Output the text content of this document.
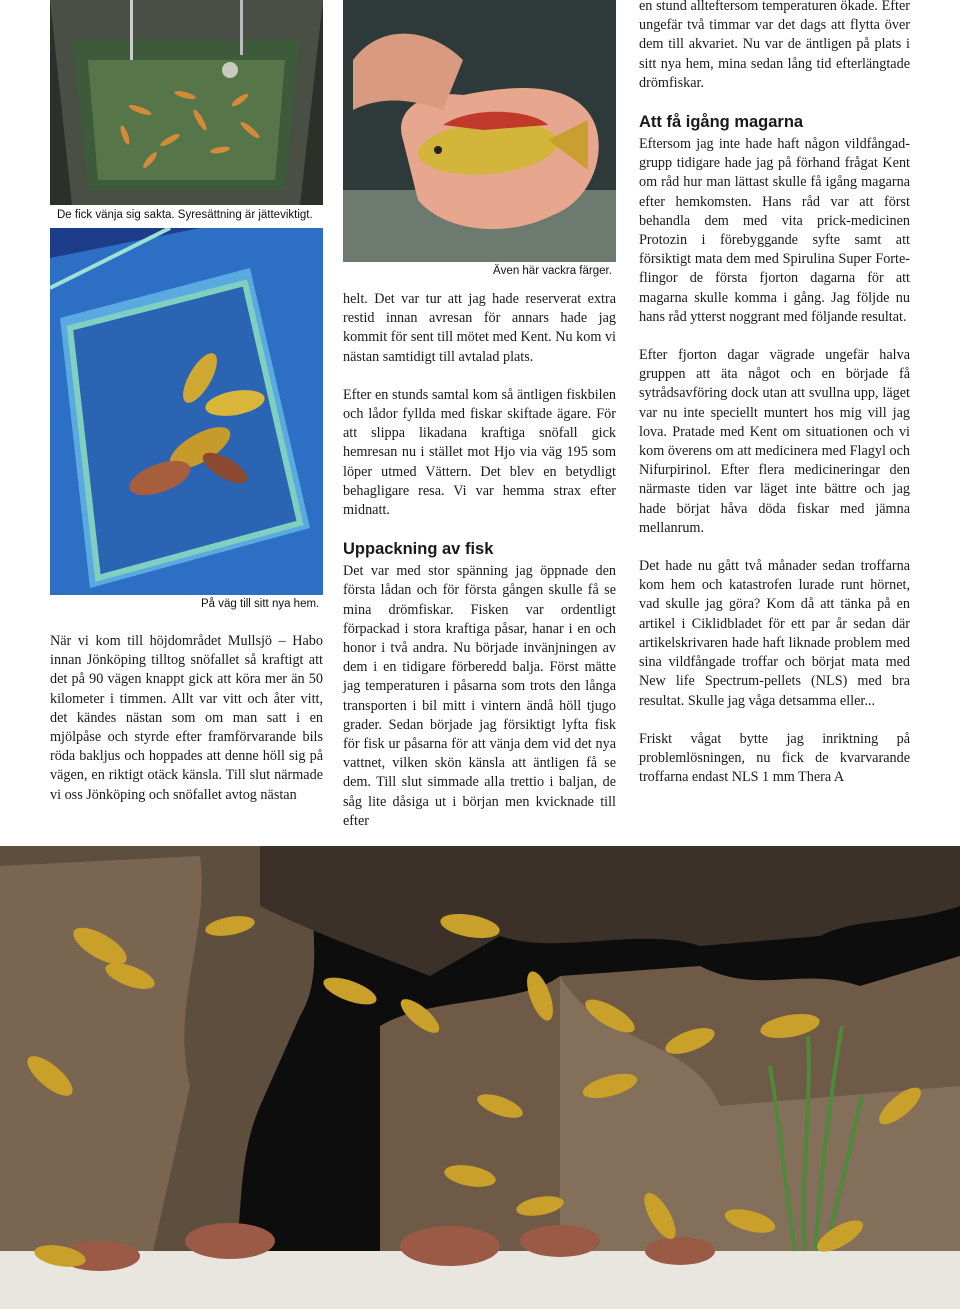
De fick vänja sig sakta. Syresättning är jätteviktigt.
På väg till sitt nya hem.

När vi kom till höjdområdet Mullsjö – Habo innan Jönköping tilltog snöfallet så kraftigt att det på 90 vägen knappt gick att köra mer än 50 kilometer i timmen. Allt var vitt och åter vitt, det kändes nästan som om man satt i en mjölpåse och styrde efter framförvarande bils röda bakljus och hoppades att denne höll sig på vägen, en riktigt otäck känsla. Till slut närmade vi oss Jönköping och snöfallet avtog nästan

Även här vackra färger.

helt. Det var tur att jag hade reserverat extra restid innan avresan för annars hade jag kommit för sent till mötet med Kent. Nu kom vi nästan samtidigt till avtalad plats.

Efter en stunds samtal kom så äntligen fiskbilen och lådor fyllda med fiskar skiftade ägare. För att slippa likadana kraftiga snöfall gick hemresan nu i stället mot Hjo via väg 195 som löper utmed Vättern. Det blev en betydligt behagligare resa. Vi var hemma strax efter midnatt.

Uppackning av fisk

Det var med stor spänning jag öppnade den första lådan och för första gången skulle få se mina drömfiskar. Fisken var ordentligt förpackad i stora kraftiga påsar, hanar i en och honor i två andra. Nu började invänjningen av dem i en tidigare förberedd balja. Först mätte jag temperaturen i påsarna som trots den långa transporten i bil mitt i vintern ändå höll tjugo grader. Sedan började jag försiktigt lyfta fisk för fisk ur påsarna för att vänja dem vid det nya vattnet, vilken skön känsla att äntligen få se dem. Till slut simmade alla trettio i baljan, de såg lite dåsiga ut i början men kvicknade till efter

en stund allteftersom temperaturen ökade. Efter ungefär två timmar var det dags att flytta över dem till akvariet. Nu var de äntligen på plats i sitt nya hem, mina sedan lång tid efterlängtade drömfiskar.

Att få igång magarna

Eftersom jag inte hade haft någon vildfångad-grupp tidigare hade jag på förhand frågat Kent om råd hur man lättast skulle få igång magarna efter hemkomsten. Hans råd var att först behandla dem med vita prick-medicinen Protozin i förebyggande syfte samt att försiktigt mata dem med Spirulina Super Forte-flingor de första fjorton dagarna för att magarna skulle komma i gång. Jag följde nu hans råd ytterst noggrant med följande resultat.

Efter fjorton dagar vägrade ungefär halva gruppen att äta något och en började få sytrådsavföring dock utan att svullna upp, läget var nu inte speciellt muntert hos mig vill jag lova. Pratade med Kent om situationen och vi kom överens om att medicinera med Flagyl och Nifurpirinol. Efter flera medicineringar den närmaste tiden var läget inte bättre och jag hade börjat håva döda fiskar med jämna mellanrum.

Det hade nu gått två månader sedan troffarna kom hem och katastrofen lurade runt hörnet, vad skulle jag göra? Kom då att tänka på en artikel i Ciklidbladet för ett par år sedan där artikelskrivaren hade haft liknade problem med sina vildfångade troffar och börjat mata med New life Spectrum-pellets (NLS) med bra resultat. Skulle jag våga detsamma eller...

Friskt vågat bytte jag inriktning på problemlösningen, nu fick de kvarvarande troffarna endast NLS 1 mm Thera A
